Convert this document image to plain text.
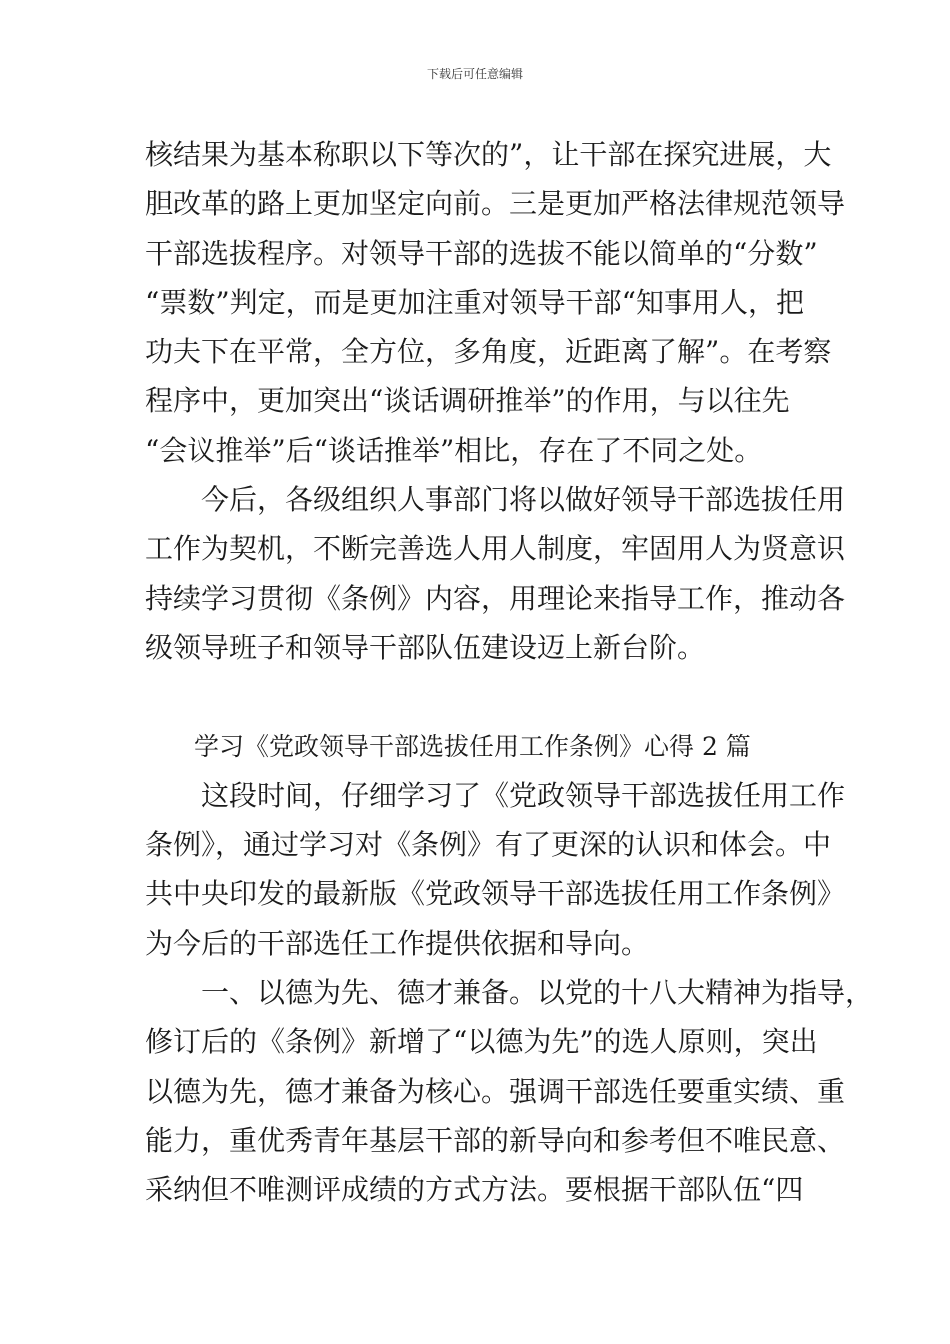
下载后可任意编辑
核结果为基本称职以下等次的”，让干部在探究进展，大
胆改革的路上更加坚定向前。三是更加严格法律规范领导
干部选拔程序。对领导干部的选拔不能以简单的“分数”
“票数”判定，而是更加注重对领导干部“知事用人，把
功夫下在平常，全方位，多角度，近距离了解”。在考察
程序中，更加突出“谈话调研推举”的作用，与以往先
“会议推举”后“谈话推举”相比，存在了不同之处。
今后，各级组织人事部门将以做好领导干部选拔任用
工作为契机，不断完善选人用人制度，牢固用人为贤意识
持续学习贯彻《条例》内容，用理论来指导工作，推动各
级领导班子和领导干部队伍建设迈上新台阶。
学习《党政领导干部选拔任用工作条例》心得 2 篇
这段时间，仔细学习了《党政领导干部选拔任用工作
条例》，通过学习对《条例》有了更深的认识和体会。中
共中央印发的最新版《党政领导干部选拔任用工作条例》
为今后的干部选任工作提供依据和导向。
一、以德为先、德才兼备。以党的十八大精神为指导，
修订后的《条例》新增了“以德为先”的选人原则，突出
以德为先，德才兼备为核心。强调干部选任要重实绩、重
能力，重优秀青年基层干部的新导向和参考但不唯民意、
采纳但不唯测评成绩的方式方法。要根据干部队伍“四
